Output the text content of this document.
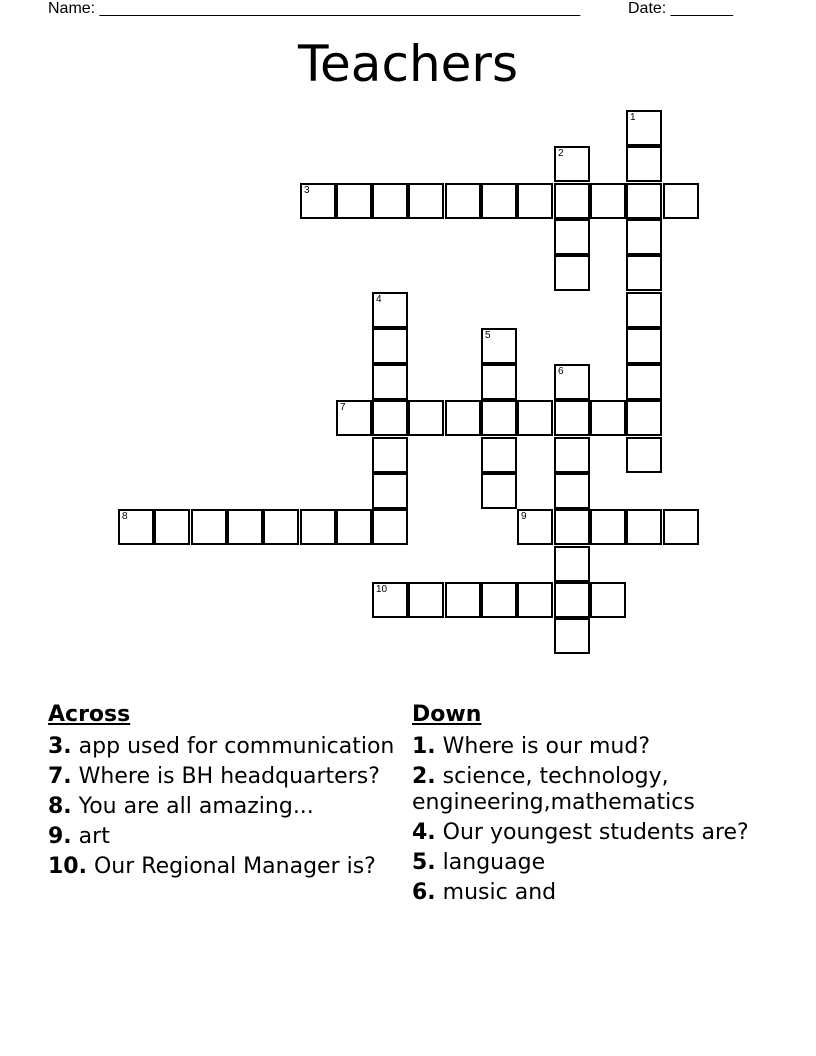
Name: ______________________________________________________	Date: _______
Teachers
1
2
3
4
5
6
7
8	9
10
Across
3. app used for communication
7. Where is BH headquarters?
8. You are all amazing...
9. art
10. Our Regional Manager is?
Down
1. Where is our mud?
2. science, technology, engineering,mathematics
4. Our youngest students are?
5. language
6. music and
